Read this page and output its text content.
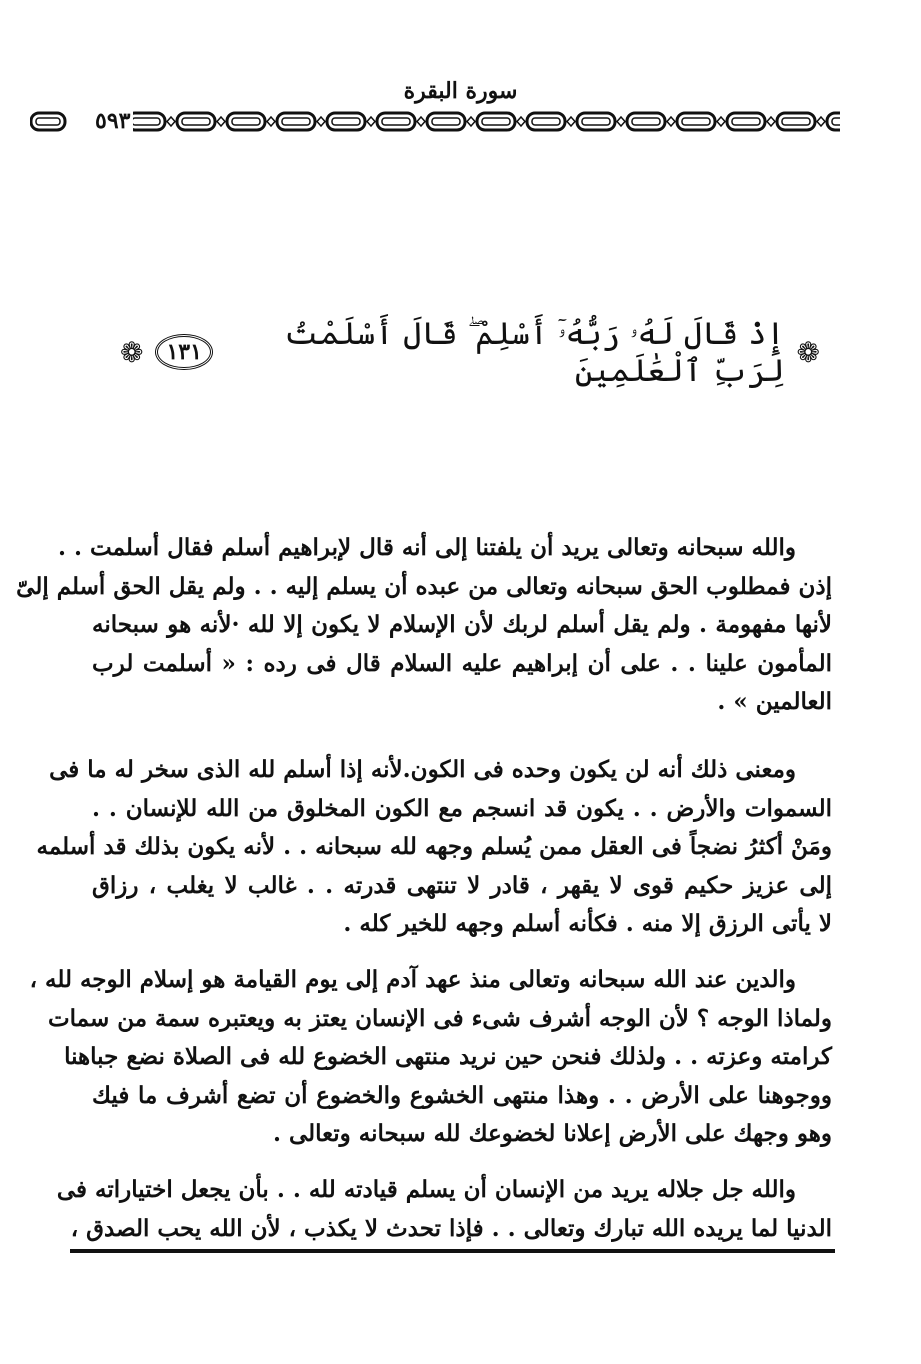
سورة البقرة
٥٩٣
❁
إِذْ قَالَ لَهُۥ رَبُّهُۥٓ أَسْلِمْ ۖ قَالَ أَسْلَمْتُ لِرَبِّ ٱلْعَٰلَمِينَ
١٣١
❁
والله سبحانه وتعالى يريد أن يلفتنا إلى أنه قال لإبراهيم أسلم فقال أسلمت . .
إذن فمطلوب الحق سبحانه وتعالى من عبده أن يسلم إليه . . ولم يقل الحق أسلم إلىّ
لأنها مفهومة . ولم يقل أسلم لربك لأن الإسلام لا يكون إلا لله ·لأنه هو سبحانه
المأمون علينا . . على أن إبراهيم عليه السلام قال فى رده : « أسلمت لرب
العالمين » .
ومعنى ذلك أنه لن يكون وحده فى الكون.لأنه إذا أسلم لله الذى سخر له ما فى
السموات والأرض . . يكون قد انسجم مع الكون المخلوق من الله للإنسان . .
ومَنْ أكثرُ نضجاً فى العقل ممن يُسلم وجهه لله سبحانه . . لأنه يكون بذلك قد أسلمه
إلى عزيز حكيم قوى لا يقهر ، قادر لا تنتهى قدرته . . غالب لا يغلب ، رزاق
لا يأتى الرزق إلا منه . فكأنه أسلم وجهه للخير كله .
والدين عند الله سبحانه وتعالى منذ عهد آدم إلى يوم القيامة هو إسلام الوجه لله ،
ولماذا الوجه ؟ لأن الوجه أشرف شىء فى الإنسان يعتز به ويعتبره سمة من سمات
كرامته وعزته . . ولذلك فنحن حين نريد منتهى الخضوع لله فى الصلاة نضع جباهنا
ووجوهنا على الأرض . . وهذا منتهى الخشوع والخضوع أن تضع أشرف ما فيك
وهو وجهك على الأرض إعلانا لخضوعك لله سبحانه وتعالى .
والله جل جلاله يريد من الإنسان أن يسلم قيادته لله . . بأن يجعل اختياراته فى
الدنيا لما يريده الله تبارك وتعالى . . فإذا تحدث لا يكذب ، لأن الله يحب الصدق ،
